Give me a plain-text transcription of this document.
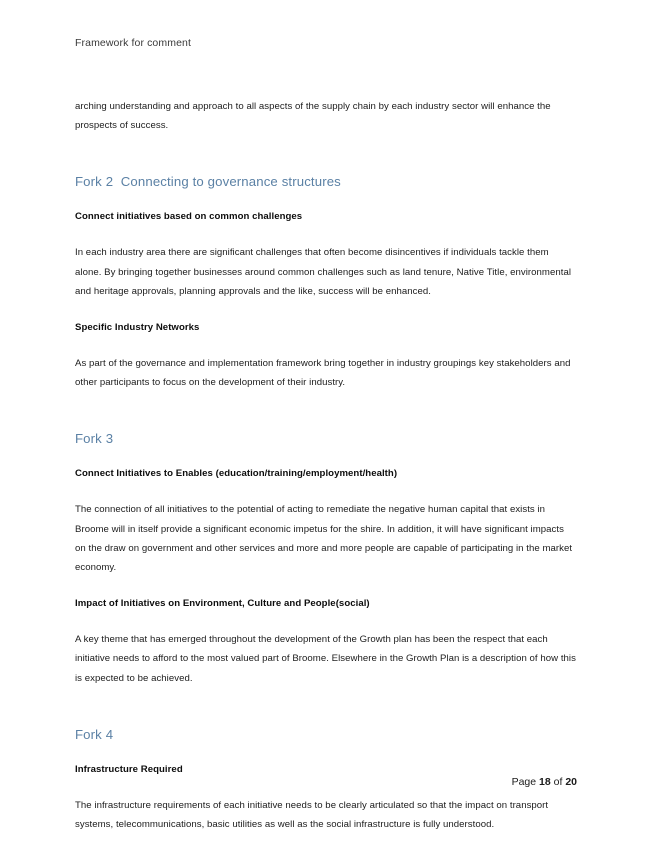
Framework for comment
arching understanding and approach to all aspects of the supply chain by each industry sector will enhance the prospects of success.
Fork 2 Connecting to governance structures
Connect initiatives based on common challenges
In each industry area there are significant challenges that often become disincentives if individuals tackle them alone. By bringing together businesses around common challenges such as land tenure, Native Title, environmental and heritage approvals, planning approvals and the like, success will be enhanced.
Specific Industry Networks
As part of the governance and implementation framework bring together in industry groupings key stakeholders and other participants to focus on the development of their industry.
Fork 3
Connect Initiatives to Enables (education/training/employment/health)
The connection of all initiatives to the potential of acting to remediate the negative human capital that exists in Broome will in itself provide a significant economic impetus for the shire. In addition, it will have significant impacts on the draw on government and other services and more and more people are capable of participating in the market economy.
Impact of Initiatives on Environment, Culture and People(social)
A key theme that has emerged throughout the development of the Growth plan has been the respect that each initiative needs to afford to the most valued part of Broome. Elsewhere in the Growth Plan is a description of how this is expected to be achieved.
Fork 4
Infrastructure Required
The infrastructure requirements of each initiative needs to be clearly articulated so that the impact on transport systems, telecommunications, basic utilities as well as the social infrastructure is fully understood.
Page 18 of 20
